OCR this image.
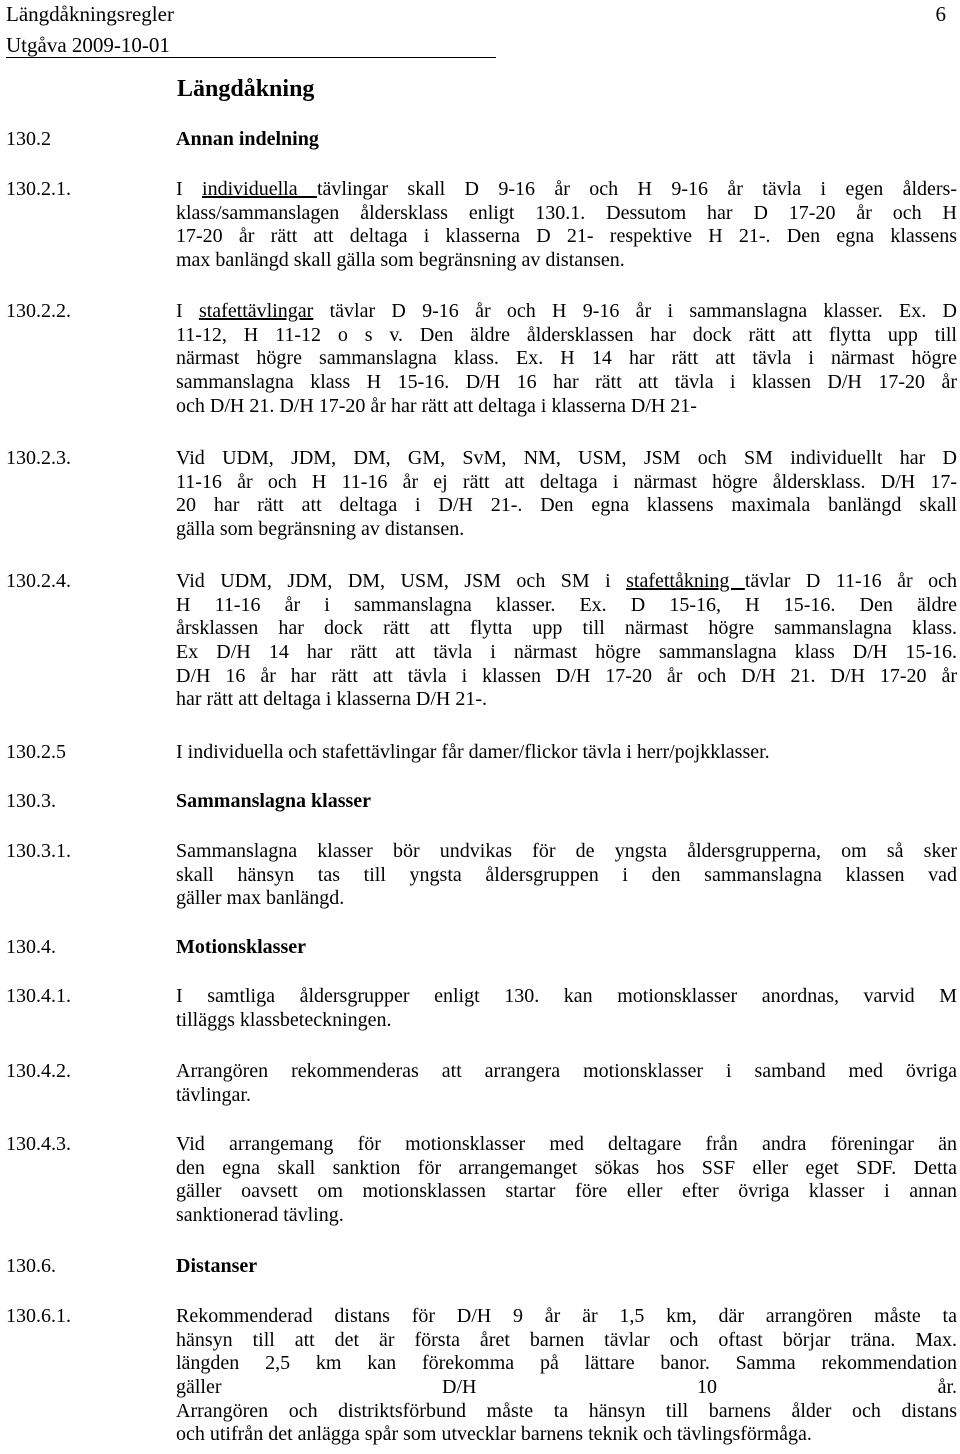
Längdåkningsregler
Utgåva 2009-10-01
6
Längdåkning
130.2	Annan indelning
130.2.1.	I individuella tävlingar skall D 9-16 år och H 9-16 år tävla i egen ålders-
klass/sammanslagen åldersklass enligt 130.1. Dessutom har D 17-20 år och H
17-20 år rätt att deltaga i klasserna D 21- respektive H 21-. Den egna klassens
max banlängd skall gälla som begränsning av distansen.
130.2.2.	I stafettävlingar tävlar D 9-16 år och H 9-16 år i sammanslagna klasser. Ex. D
11-12, H 11-12 o s v. Den äldre åldersklassen har dock rätt att flytta upp till
närmast högre sammanslagna klass. Ex. H 14 har rätt att tävla i närmast högre
sammanslagna klass H 15-16. D/H 16 har rätt att tävla i klassen D/H 17-20 år
och D/H 21. D/H 17-20 år har rätt att deltaga i klasserna D/H 21-
130.2.3.	Vid UDM, JDM, DM, GM, SvM, NM, USM, JSM och SM individuellt har D
11-16 år och H 11-16 år ej rätt att deltaga i närmast högre åldersklass. D/H 17-
20 har rätt att deltaga i D/H 21-. Den egna klassens maximala banlängd skall
gälla som begränsning av distansen.
130.2.4.	Vid UDM, JDM, DM, USM, JSM och SM i stafettåkning tävlar D 11-16 år och
H 11-16 år i sammanslagna klasser. Ex. D 15-16, H 15-16. Den äldre
årsklassen har dock rätt att flytta upp till närmast högre sammanslagna klass.
Ex D/H 14 har rätt att tävla i närmast högre sammanslagna klass D/H 15-16.
D/H 16 år har rätt att tävla i klassen D/H 17-20 år och D/H 21. D/H 17-20 år
har rätt att deltaga i klasserna D/H 21-.
130.2.5	I individuella och stafettävlingar får damer/flickor tävla i herr/pojkklasser.
130.3.	Sammanslagna klasser
130.3.1.	Sammanslagna klasser bör undvikas för de yngsta åldersgrupperna, om så sker
skall hänsyn tas till yngsta åldersgruppen i den sammanslagna klassen vad
gäller max banlängd.
130.4.	Motionsklasser
130.4.1.	I samtliga åldersgrupper enligt 130. kan motionsklasser anordnas, varvid M
tilläggs klassbeteckningen.
130.4.2.	Arrangören rekommenderas att arrangera motionsklasser i samband med övriga
tävlingar.
130.4.3.	Vid arrangemang för motionsklasser med deltagare från andra föreningar än
den egna skall sanktion för arrangemanget sökas hos SSF eller eget SDF. Detta
gäller oavsett om motionsklassen startar före eller efter övriga klasser i annan
sanktionerad tävling.
130.6.	Distanser
130.6.1.	Rekommenderad distans för D/H 9 år är 1,5 km, där arrangören måste ta
hänsyn till att det är första året barnen tävlar och oftast börjar träna. Max.
längden 2,5 km kan förekomma på lättare banor. Samma rekommendation
gäller D/H 10 år.
Arrangören och distriktsförbund måste ta hänsyn till barnens ålder och distans
och utifrån det anlägga spår som utvecklar barnens teknik och tävlingsförmåga.
